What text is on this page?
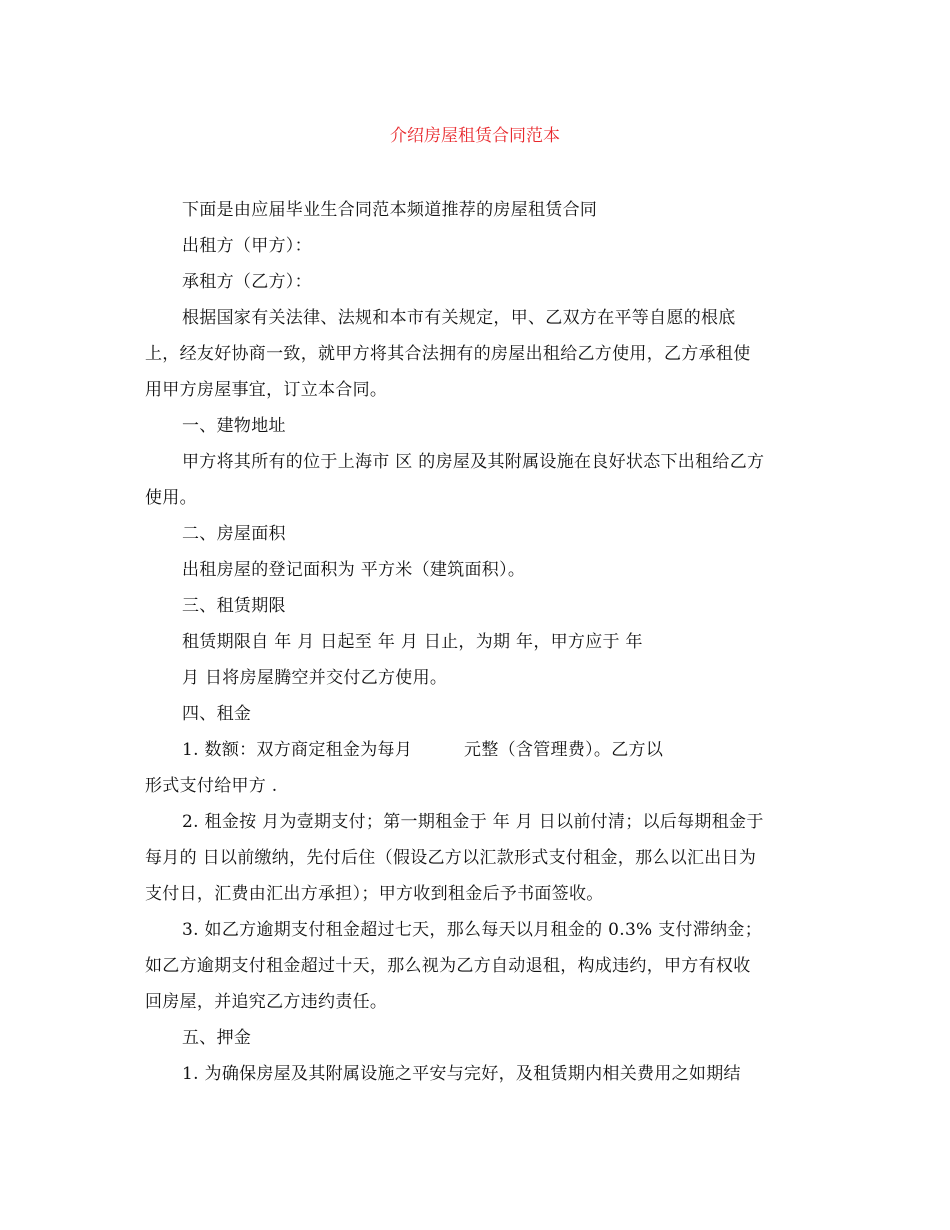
介绍房屋租赁合同范本

下面是由应届毕业生合同范本频道推荐的房屋租赁合同

出租方（甲方）：

承租方（乙方）：

根据国家有关法律、法规和本市有关规定，甲、乙双方在平等自愿的根底

上，经友好协商一致，就甲方将其合法拥有的房屋出租给乙方使用，乙方承租使

用甲方房屋事宜，订立本合同。

一、建物地址

甲方将其所有的位于上海市 区 的房屋及其附属设施在良好状态下出租给乙方

使用。

二、房屋面积

出租房屋的登记面积为 平方米（建筑面积）。

三、租赁期限

租赁期限自 年 月 日起至 年 月 日止，为期 年，甲方应于 年

月 日将房屋腾空并交付乙方使用。

四、租金

1. 数额：双方商定租金为每月　　　元整（含管理费）。乙方以

形式支付给甲方 .

2. 租金按 月为壹期支付；第一期租金于 年 月 日以前付清；以后每期租金于

每月的 日以前缴纳，先付后住（假设乙方以汇款形式支付租金，那么以汇出日为

支付日，汇费由汇出方承担）；甲方收到租金后予书面签收。

3. 如乙方逾期支付租金超过七天，那么每天以月租金的 0.3% 支付滞纳金；

如乙方逾期支付租金超过十天，那么视为乙方自动退租，构成违约，甲方有权收

回房屋，并追究乙方违约责任。

五、押金

1. 为确保房屋及其附属设施之平安与完好，及租赁期内相关费用之如期结
